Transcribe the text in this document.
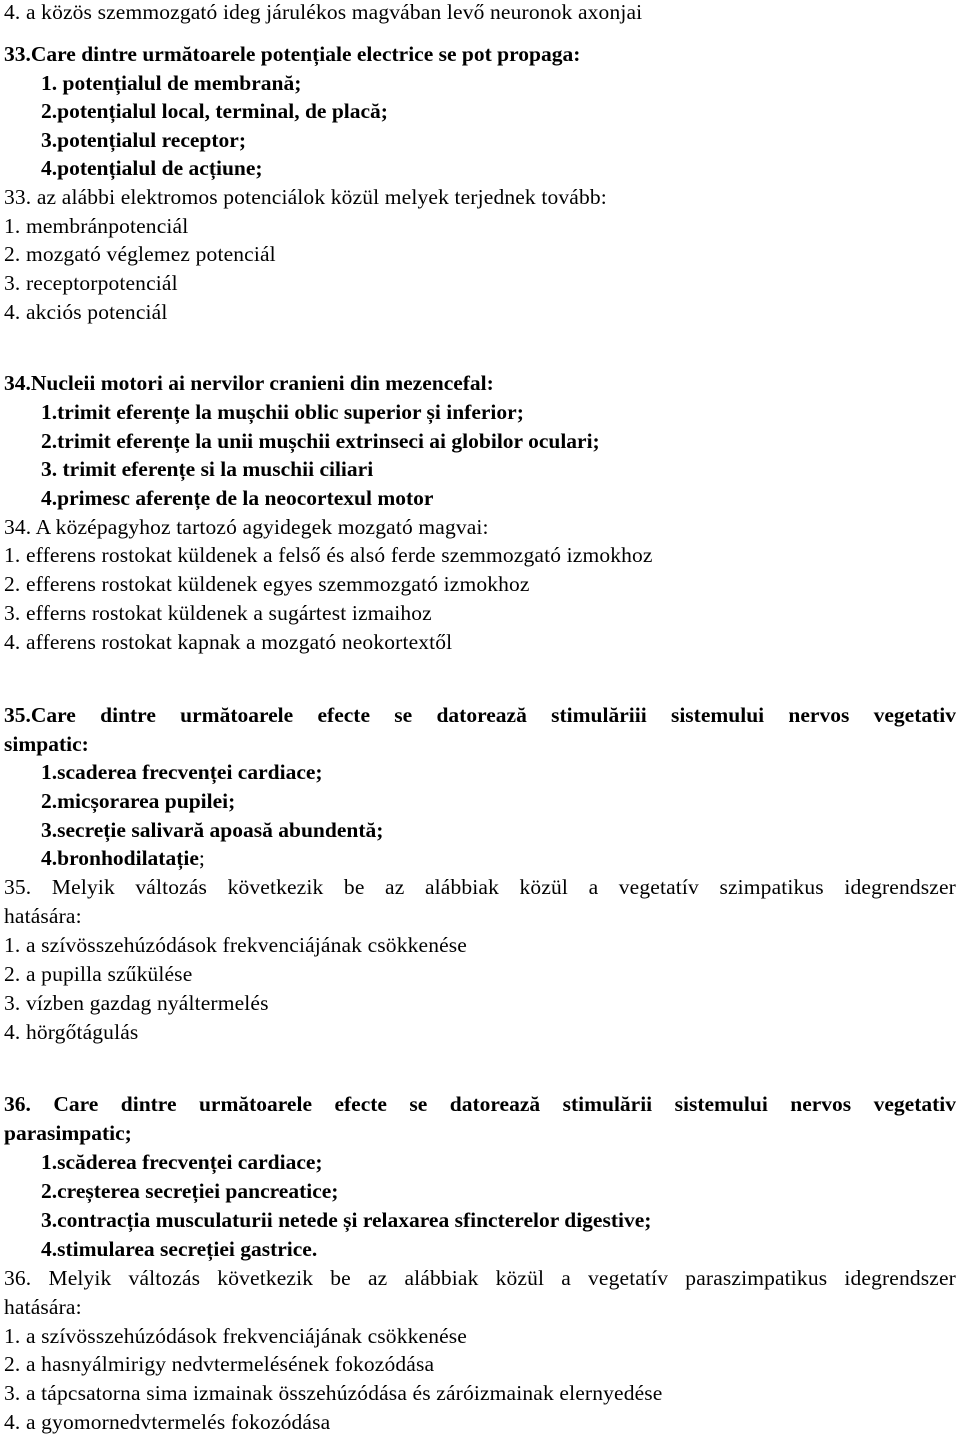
4. a közös szemmozgató ideg járulékos magvában levő neuronok axonjai
33.Care dintre următoarele potențiale electrice se pot propaga:
1. potențialul de membrană;
2.potențialul local, terminal, de placă;
3.potențialul receptor;
4.potențialul de acțiune;
33. az alábbi elektromos potenciálok közül melyek terjednek tovább:
1. membránpotenciál
2. mozgató véglemez potenciál
3. receptorpotenciál
4. akciós potenciál
34.Nucleii motori ai nervilor cranieni din mezencefal:
1.trimit eferențe la mușchii oblic superior și inferior;
2.trimit eferențe la unii mușchii extrinseci ai globilor oculari;
3. trimit eferențe si la muschii ciliari
4.primesc aferențe de la neocortexul motor
34. A középagyhoz tartozó agyidegek mozgató magvai:
1. efferens rostokat küldenek a felső és alsó ferde szemmozgató izmokhoz
2. efferens rostokat küldenek egyes szemmozgató izmokhoz
3. efferns rostokat küldenek a sugártest izmaihoz
4. afferens rostokat kapnak a mozgató neokortextől
35.Care dintre următoarele efecte se datorează stimulăriii sistemului nervos vegetativ
simpatic:
1.scaderea frecvenței cardiace;
2.micșorarea pupilei;
3.secreție salivară apoasă abundentă;
4.bronhodilatație;
35. Melyik változás következik be az alábbiak közül a vegetatív szimpatikus idegrendszer
hatására:
1. a szívösszehúzódások frekvenciájának csökkenése
2. a pupilla szűkülése
3. vízben gazdag nyáltermelés
4. hörgőtágulás
36. Care dintre următoarele efecte se datorează stimulării sistemului nervos vegetativ
parasimpatic;
1.scăderea frecvenței cardiace;
2.creșterea secreției pancreatice;
3.contracția musculaturii netede și relaxarea sfincterelor digestive;
4.stimularea secreției gastrice.
36. Melyik változás következik be az alábbiak közül a vegetatív paraszimpatikus idegrendszer
hatására:
1. a szívösszehúzódások frekvenciájának csökkenése
2. a hasnyálmirigy nedvtermelésének fokozódása
3. a tápcsatorna sima izmainak összehúzódása és záróizmainak elernyedése
4. a gyomornedvtermelés fokozódása
